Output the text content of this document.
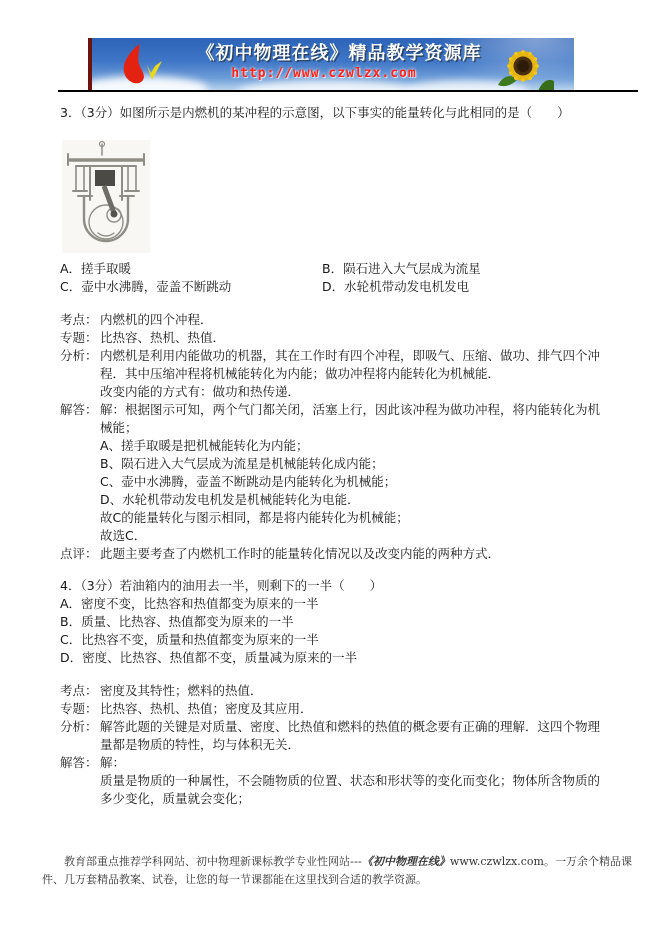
《初中物理在线》精品教学资源库
http://www.czwlzx.com
3．（3分）如图所示是内燃机的某冲程的示意图，以下事实的能量转化与此相同的是（　　）
A．搓手取暖	B．陨石进入大气层成为流星
C．壶中水沸腾，壶盖不断跳动	D．水轮机带动发电机发电
考点： 内燃机的四个冲程．
专题： 比热容、热机、热值．
分析： 内燃机是利用内能做功的机器，其在工作时有四个冲程，即吸气、压缩、做功、排气四个冲程．其中压缩冲程将机械能转化为内能；做功冲程将内能转化为机械能．
改变内能的方式有：做功和热传递．
解答： 解：根据图示可知，两个气门都关闭，活塞上行，因此该冲程为做功冲程，将内能转化为机械能；
A、搓手取暖是把机械能转化为内能；
B、陨石进入大气层成为流星是机械能转化成内能；
C、壶中水沸腾，壶盖不断跳动是内能转化为机械能；
D、水轮机带动发电机发是机械能转化为电能．
故C的能量转化与图示相同，都是将内能转化为机械能；
故选C．
点评： 此题主要考查了内燃机工作时的能量转化情况以及改变内能的两种方式．
4．（3分）若油箱内的油用去一半，则剩下的一半（　　）
A．密度不变，比热容和热值都变为原来的一半
B．质量、比热容、热值都变为原来的一半
C．比热容不变，质量和热值都变为原来的一半
D．密度、比热容、热值都不变，质量减为原来的一半
考点： 密度及其特性；燃料的热值．
专题： 比热容、热机、热值；密度及其应用．
分析： 解答此题的关键是对质量、密度、比热值和燃料的热值的概念要有正确的理解．这四个物理量都是物质的特性，均与体积无关．
解答： 解：
质量是物质的一种属性，不会随物质的位置、状态和形状等的变化而变化；物体所含物质的多少变化，质量就会变化；
教育部重点推荐学科网站、初中物理新课标教学专业性网站---《初中物理在线》www.czwlzx.com。一万余个精品课件、几万套精品教案、试卷，让您的每一节课都能在这里找到合适的教学资源。
